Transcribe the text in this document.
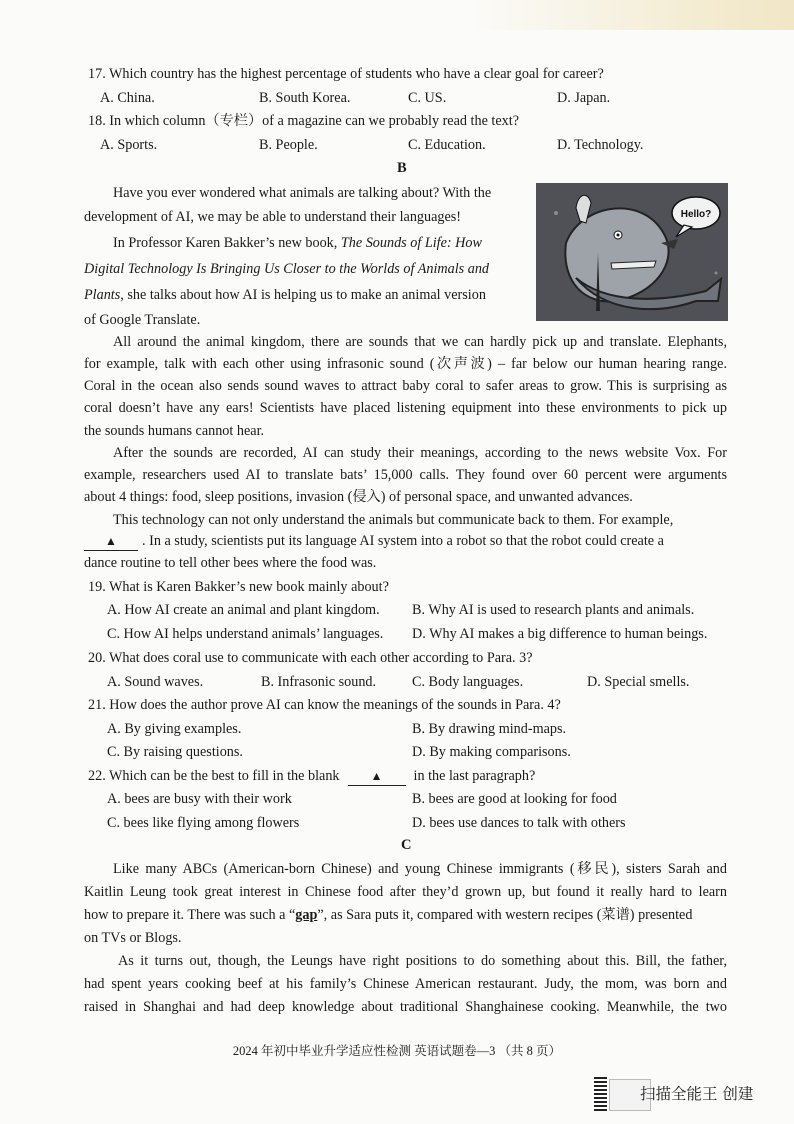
17. Which country has the highest percentage of students who have a clear goal for career?
A. China.	B. South Korea.	C. US.	D. Japan.
18. In which column（专栏）of a magazine can we probably read the text?
A. Sports.	B. People.	C. Education.	D. Technology.
B
Hello?
Have you ever wondered what animals are talking about? With the
development of AI, we may be able to understand their languages!
In Professor Karen Bakker’s new book, The Sounds of Life: How
Digital Technology Is Bringing Us Closer to the Worlds of Animals and
Plants, she talks about how AI is helping us to make an animal version
of Google Translate.
All around the animal kingdom, there are sounds that we can hardly pick up and translate. Elephants,
for example, talk with each other using infrasonic sound (次声波) – far below our human hearing range.
Coral in the ocean also sends sound waves to attract baby coral to safer areas to grow. This is surprising as
coral doesn’t have any ears! Scientists have placed listening equipment into these environments to pick up
the sounds humans cannot hear.
After the sounds are recorded, AI can study their meanings, according to the news website Vox. For
example, researchers used AI to translate bats’ 15,000 calls. They found over 60 percent were arguments
about 4 things: food, sleep positions, invasion (侵入) of personal space, and unwanted advances.
This technology can not only understand the animals but communicate back to them. For example,
▲ . In a study, scientists put its language AI system into a robot so that the robot could create a
dance routine to tell other bees where the food was.
19. What is Karen Bakker’s new book mainly about?
A. How AI create an animal and plant kingdom. B. Why AI is used to research plants and animals.
C. How AI helps understand animals’ languages. D. Why AI makes a big difference to human beings.
20. What does coral use to communicate with each other according to Para. 3?
A. Sound waves.	B. Infrasonic sound.	C. Body languages.	D. Special smells.
21. How does the author prove AI can know the meanings of the sounds in Para. 4?
A. By giving examples.	B. By drawing mind-maps.
C. By raising questions.	D. By making comparisons.
22. Which can be the best to fill in the blank	▲ in the last paragraph?
A. bees are busy with their work	B. bees are good at looking for food
C. bees like flying among flowers	D. bees use dances to talk with others
C
Like many ABCs (American-born Chinese) and young Chinese immigrants (移民), sisters Sarah and
Kaitlin Leung took great interest in Chinese food after they’d grown up, but found it really hard to learn
how to prepare it. There was such a “gap”, as Sara puts it, compared with western recipes (菜谱) presented
on TVs or Blogs.
As it turns out, though, the Leungs have right positions to do something about this. Bill, the father,
had spent years cooking beef at his family’s Chinese American restaurant. Judy, the mom, was born and
raised in Shanghai and had deep knowledge about traditional Shanghainese cooking. Meanwhile, the two
2024 年初中毕业升学适应性检测 英语试题卷—3 （共 8 页）
扫描全能王 创建
